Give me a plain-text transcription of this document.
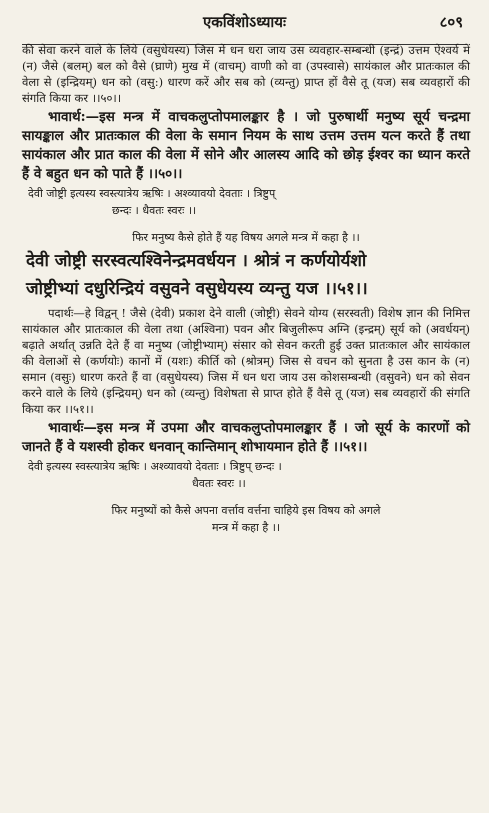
एकविंशोऽध्यायः	८०९

की सेवा करने वाले के लिये (वसुधेयस्य) जिस में धन धरा जाय उस व्यवहार-सम्बन्धी (इन्द्रं) उत्तम ऐश्वर्य में (न) जैसे (बलम्) बल को वैसे (घ्राणे) मुख में (वाचम्) वाणी को वा (उपस्वासे) सायंकाल और प्रातःकाल की वेला से (इन्द्रियम्) धन को (वसु:) धारण करें और सब को (व्यन्तु) प्राप्त हों वैसे तू (यज) सब व्यवहारों की संगति किया कर ।।५०।।

भावार्थ:—इस मन्त्र में वाचकलुप्तोपमालङ्कार है । जो पुरुषार्थी मनुष्य सूर्य चन्द्रमा सायङ्काल और प्रातःकाल की वेला के समान नियम के साथ उत्तम उत्तम यत्न करते हैं तथा सायंकाल और प्रात काल की वेला में सोने और आलस्य आदि को छोड़ ईश्वर का ध्यान करते हैं वे बहुत धन को पाते हैं ।।५०।।

देवी जोष्ट्री इत्यस्य स्वस्त्यात्रेय ऋषिः । अश्व्यावयो देवताः । त्रिष्टुप्
छन्दः । धैवतः स्वरः ।।
फिर मनुष्य कैसे होते हैं यह विषय अगले मन्त्र में कहा है ।।
देवी जोष्ट्री सरस्वत्यश्विनेन्द्रमवर्धयन । श्रोत्रं न कर्णयोर्यशो
जोष्ट्रीभ्यां दधुरिन्द्रियं वसुवने वसुधेयस्य व्यन्तु यज ।।५१।।

पदार्थः—हे विद्वन् ! जैसे (देवी) प्रकाश देने वाली (जोष्ट्री) सेवने योग्य (सरस्वती) विशेष ज्ञान की निमित्त सायंकाल और प्रातःकाल की वेला तथा (अश्विना) पवन और बिजुलीरूप अग्नि (इन्द्रम्) सूर्य को (अवर्धयन्) बढ़ाते अर्थात् उन्नति देते हैं वा मनुष्य (जोष्ट्रीभ्याम्) संसार को सेवन करती हुई उक्त प्रातःकाल और सायंकाल की वेलाओं से (कर्णयोः) कानों में (यशः) कीर्ति को (श्रोत्रम्) जिस से वचन को सुनता है उस कान के (न) समान (वसुः) धारण करते हैं वा (वसुधेयस्य) जिस में धन धरा जाय उस कोशसम्बन्धी (वसुवने) धन को सेवन करने वाले के लिये (इन्द्रियम्) धन को (व्यन्तु) विशेषता से प्राप्त होते हैं वैसे तू (यज) सब व्यवहारों की संगति किया कर ।।५१।।

भावार्थः—इस मन्त्र में उपमा और वाचकलुप्तोपमालङ्कार हैं । जो सूर्य के कारणों को जानते हैं वे यशस्वी होकर धनवान् कान्तिमान् शोभायमान होते हैं ।।५१।।

देवी इत्यस्य स्वस्त्यात्रेय ऋषिः । अश्व्यावयो देवताः । त्रिष्टुप् छन्दः ।
धैवतः स्वरः ।।
फिर मनुष्यों को कैसे अपना वर्त्ताव वर्त्तना चाहिये इस विषय को अगले
मन्त्र में कहा है ।।
